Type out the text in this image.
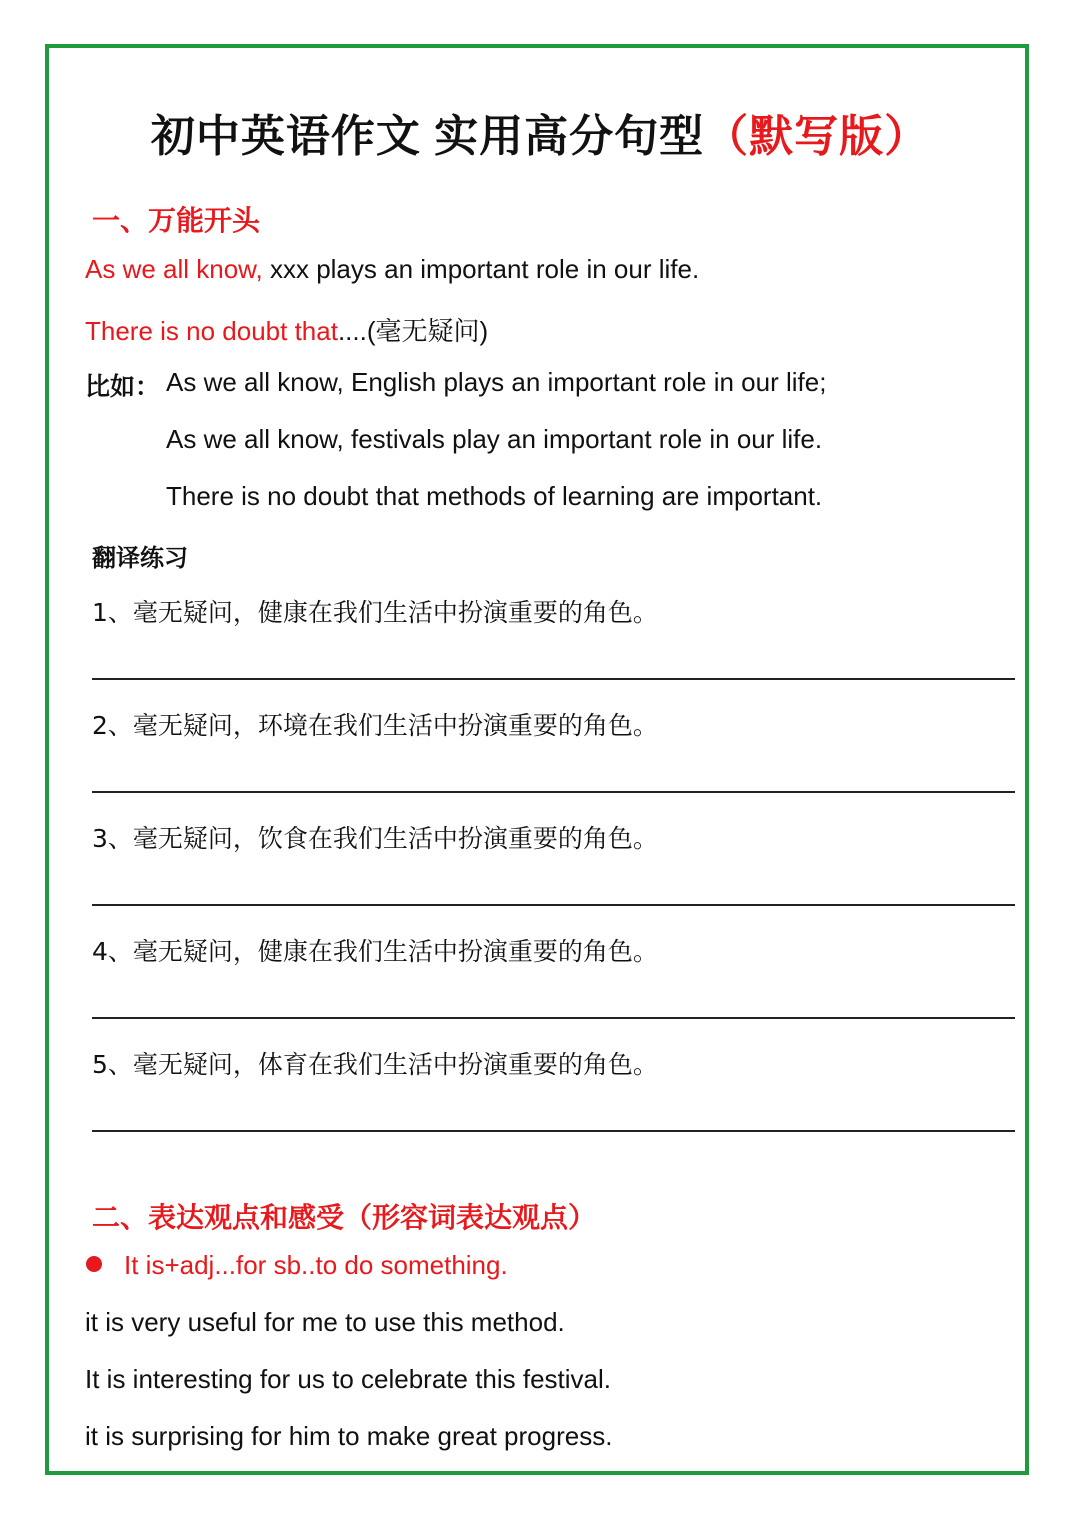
初中英语作文 实用高分句型（默写版）
一、万能开头
As we all know, xxx plays an important role in our life.
There is no doubt that....(毫无疑问)
比如： As we all know, English plays an important role in our life;
As we all know, festivals play an important role in our life.
There is no doubt that methods of learning are important.
翻译练习
1、毫无疑问，健康在我们生活中扮演重要的角色。
2、毫无疑问，环境在我们生活中扮演重要的角色。
3、毫无疑问，饮食在我们生活中扮演重要的角色。
4、毫无疑问，健康在我们生活中扮演重要的角色。
5、毫无疑问，体育在我们生活中扮演重要的角色。
二、表达观点和感受（形容词表达观点）
It is+adj...for sb..to do something.
it is very useful for me to use this method.
It is interesting for us to celebrate this festival.
it is surprising for him to make great progress.
